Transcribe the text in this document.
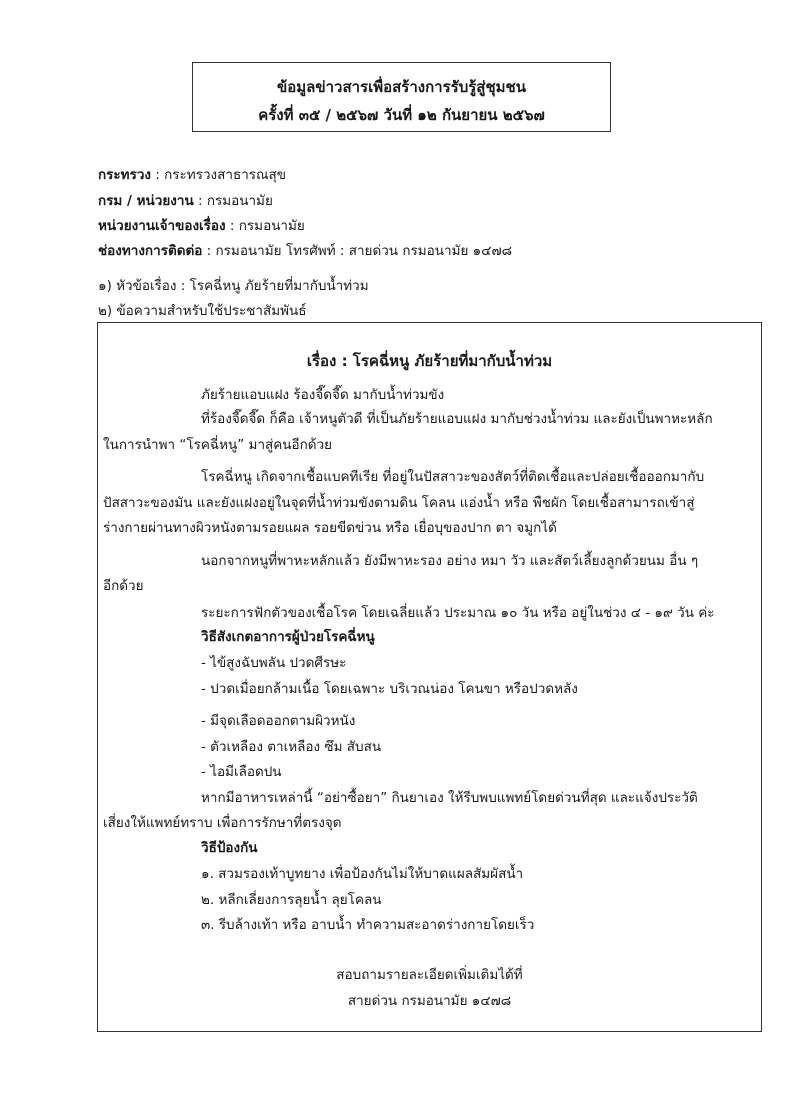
ข้อมูลข่าวสารเพื่อสร้างการรับรู้สู่ชุมชน
ครั้งที่ ๓๕ / ๒๕๖๗ วันที่ ๑๒ กันยายน ๒๕๖๗
กระทรวง : กระทรวงสาธารณสุข
กรม / หน่วยงาน : กรมอนามัย
หน่วยงานเจ้าของเรื่อง : กรมอนามัย
ช่องทางการติดต่อ : กรมอนามัย โทรศัพท์ : สายด่วน กรมอนามัย ๑๔๗๘
๑) หัวข้อเรื่อง : โรคฉี่หนู ภัยร้ายที่มากับน้ำท่วม
๒) ข้อความสำหรับใช้ประชาสัมพันธ์
เรื่อง : โรคฉี่หนู ภัยร้ายที่มากับน้ำท่วม
ภัยร้ายแอบแฝง ร้องจี๊ดจี๊ด มากับน้ำท่วมขัง
ที่ร้องจี๊ดจี๊ด ก็คือ เจ้าหนูตัวดี ที่เป็นภัยร้ายแอบแฝง มากับช่วงน้ำท่วม และยังเป็นพาหะหลัก
ในการนำพา “โรคฉี่หนู” มาสู่คนอีกด้วย
โรคฉี่หนู เกิดจากเชื้อแบคทีเรีย ที่อยู่ในปัสสาวะของสัตว์ที่ติดเชื้อและปล่อยเชื้อออกมากับ
ปัสสาวะของมัน และยังแฝงอยู่ในจุดที่น้ำท่วมขังตามดิน โคลน แอ่งน้ำ หรือ พืชผัก โดยเชื้อสามารถเข้าสู่
ร่างกายผ่านทางผิวหนังตามรอยแผล รอยขีดข่วน หรือ เยื่อบุของปาก ตา จมูกได้
นอกจากหนูที่พาหะหลักแล้ว ยังมีพาหะรอง อย่าง หมา วัว และสัตว์เลี้ยงลูกด้วยนม อื่น ๆ
อีกด้วย
ระยะการฟักตัวของเชื้อโรค โดยเฉลี่ยแล้ว ประมาณ ๑๐ วัน หรือ อยู่ในช่วง ๔ - ๑๙ วัน ค่ะ
วิธีสังเกตอาการผู้ป่วยโรคฉี่หนู
- ไข้สูงฉับพลัน ปวดศีรษะ
- ปวดเมื่อยกล้ามเนื้อ โดยเฉพาะ บริเวณน่อง โคนขา หรือปวดหลัง
- มีจุดเลือดออกตามผิวหนัง
- ตัวเหลือง ตาเหลือง ซึม สับสน
- ไอมีเลือดปน
หากมีอาหารเหล่านี้ “อย่าซื้อยา” กินยาเอง ให้รีบพบแพทย์โดยด่วนที่สุด และแจ้งประวัติ
เสี่ยงให้แพทย์ทราบ เพื่อการรักษาที่ตรงจุด
วิธีป้องกัน
๑. สวมรองเท้าบูทยาง เพื่อป้องกันไม่ให้บาดแผลสัมผัสน้ำ
๒. หลีกเลี่ยงการลุยน้ำ ลุยโคลน
๓. รีบล้างเท้า หรือ อาบน้ำ ทำความสะอาดร่างกายโดยเร็ว
สอบถามรายละเอียดเพิ่มเติมได้ที่
สายด่วน กรมอนามัย ๑๔๗๘
